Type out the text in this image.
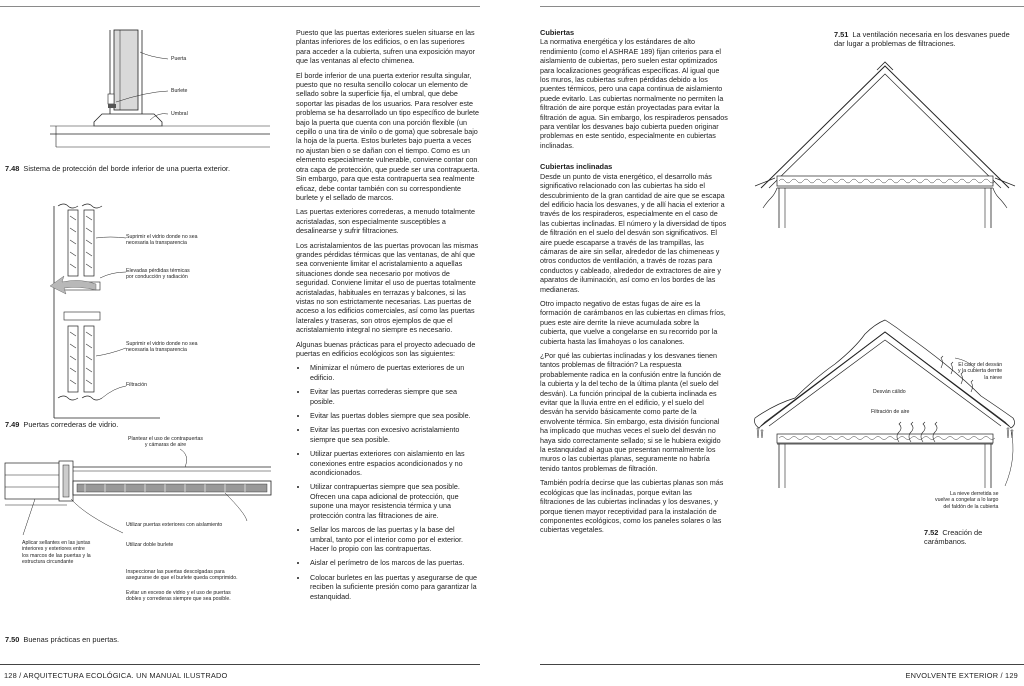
Puerta
Burlete
Umbral
7.48 Sistema de protección del borde inferior de una puerta exterior.
Suprimir el vidrio donde no sea
necesaria la transparencia
Elevadas pérdidas térmicas
por conducción y radiación
Suprimir el vidrio donde no sea
necesaria la transparencia
Filtración
7.49 Puertas correderas de vidrio.
Plantear el uso de contrapuertas
y cámaras de aire
Utilizar puertas exteriores con aislamiento
Utilizar doble burlete
Aplicar sellantes en las juntas
interiores y exteriores entre
los marcos de las puertas y la
estructura circundante
Inspeccionar las puertas descolgadas para
asegurarse de que el burlete queda comprimido.
Evitar un exceso de vidrio y el uso de puertas
dobles y correderas siempre que sea posible.
7.50 Buenas prácticas en puertas.

Puesto que las puertas exteriores suelen situarse en las plantas inferiores de los edificios, o en las superiores para acceder a la cubierta, sufren una exposición mayor que las ventanas al efecto chimenea.

El borde inferior de una puerta exterior resulta singular, puesto que no resulta sencillo colocar un elemento de sellado sobre la superficie fija, el umbral, que debe soportar las pisadas de los usuarios. Para resolver este problema se ha desarrollado un tipo específico de burlete bajo la puerta que cuenta con una porción flexible (un cepillo o una tira de vinilo o de goma) que sobresale bajo la hoja de la puerta. Estos burletes bajo puerta a veces no ajustan bien o se dañan con el tiempo. Como es un elemento especialmente vulnerable, conviene contar con otra capa de protección, que puede ser una contrapuerta. Sin embargo, para que esta contrapuerta sea realmente eficaz, debe contar también con su correspondiente burlete y el sellado de marcos.

Las puertas exteriores correderas, a menudo totalmente acristaladas, son especialmente susceptibles a desalinearse y sufrir filtraciones.

Los acristalamientos de las puertas provocan las mismas grandes pérdidas térmicas que las ventanas, de ahí que sea conveniente limitar el acristalamiento a aquellas situaciones donde sea necesario por motivos de seguridad. Conviene limitar el uso de puertas totalmente acristaladas, habituales en terrazas y balcones, si las vistas no son estrictamente necesarias. Las puertas de acceso a los edificios comerciales, así como las puertas laterales y traseras, son otros ejemplos de que el acristalamiento integral no siempre es necesario.

Algunas buenas prácticas para el proyecto adecuado de puertas en edificios ecológicos son las siguientes:

• Minimizar el número de puertas exteriores de un edificio.
• Evitar las puertas correderas siempre que sea posible.
• Evitar las puertas dobles siempre que sea posible.
• Evitar las puertas con excesivo acristalamiento siempre que sea posible.
• Utilizar puertas exteriores con aislamiento en las conexiones entre espacios acondicionados y no acondicionados.
• Utilizar contrapuertas siempre que sea posible. Ofrecen una capa adicional de protección, que supone una mayor resistencia térmica y una protección contra las filtraciones de aire.
• Sellar los marcos de las puertas y la base del umbral, tanto por el interior como por el exterior. Hacer lo propio con las contrapuertas.
• Aislar el perímetro de los marcos de las puertas.
• Colocar burletes en las puertas y asegurarse de que reciben la suficiente presión como para garantizar la estanquidad.
128 / ARQUITECTURA ECOLÓGICA. UN MANUAL ILUSTRADO
Cubiertas

La normativa energética y los estándares de alto rendimiento (como el ASHRAE 189) fijan criterios para el aislamiento de cubiertas, pero suelen estar optimizados para localizaciones geográficas específicas. Al igual que los muros, las cubiertas sufren pérdidas debido a los puentes térmicos, pero una capa continua de aislamiento puede evitarlo. Las cubiertas normalmente no permiten la filtración de aire porque están proyectadas para evitar la filtración de agua. Sin embargo, los respiraderos pensados para ventilar los desvanes bajo cubierta pueden originar problemas en este sentido, especialmente en cubiertas inclinadas.

Cubiertas inclinadas

Desde un punto de vista energético, el desarrollo más significativo relacionado con las cubiertas ha sido el descubrimiento de la gran cantidad de aire que se escapa del edificio hacia los desvanes, y de allí hacia el exterior a través de los respiraderos, especialmente en el caso de las cubiertas inclinadas. El número y la diversidad de tipos de filtración en el suelo del desván son significativos. El aire puede escaparse a través de las trampillas, las cámaras de aire sin sellar, alrededor de las chimeneas y otros conductos de ventilación, a través de rozas para conductos y cableado, alrededor de extractores de aire y aparatos de iluminación, así como en los bordes de las medianeras.

Otro impacto negativo de estas fugas de aire es la formación de carámbanos en las cubiertas en climas fríos, pues este aire derrite la nieve acumulada sobre la cubierta, que vuelve a congelarse en su recorrido por la cubierta hasta las limahoyas o los canalones.

¿Por qué las cubiertas inclinadas y los desvanes tienen tantos problemas de filtración? La respuesta probablemente radica en la confusión entre la función de la cubierta y la del techo de la última planta (el suelo del desván). La función principal de la cubierta inclinada es evitar que la lluvia entre en el edificio, y el suelo del desván ha servido básicamente como parte de la envolvente térmica. Sin embargo, esta división funcional ha implicado que muchas veces el suelo del desván no haya sido correctamente sellado; si se le hubiera exigido la estanquidad al agua que presentan normalmente los muros o las cubiertas planas, seguramente no habría tenido tantos problemas de filtración.

También podría decirse que las cubiertas planas son más ecológicas que las inclinadas, porque evitan las filtraciones de las cubiertas inclinadas y los desvanes, y porque tienen mayor receptividad para la instalación de componentes ecológicos, como los paneles solares o las cubiertas vegetales.

7.51 La ventilación necesaria en los desvanes puede dar lugar a problemas de filtraciones.
Desván cálido
Filtración de aire
El calor del desván
y la cubierta derrite
la nieve
La nieve derretida se
vuelve a congelar a lo largo
del faldón de la cubierta
7.52 Creación de carámbanos.
ENVOLVENTE EXTERIOR / 129
